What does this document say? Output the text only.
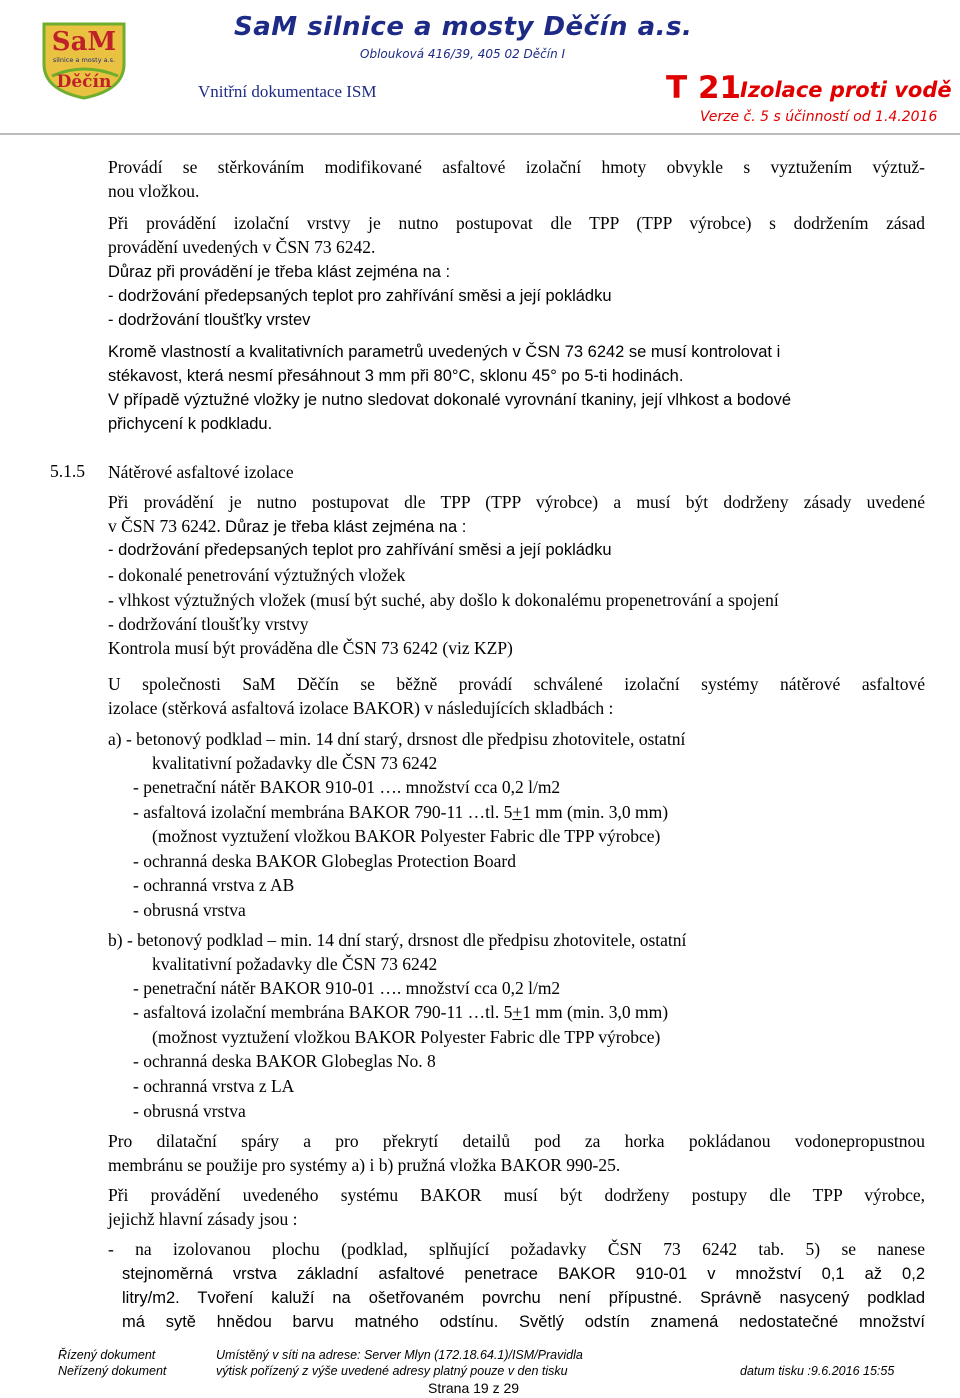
SaM
silnice a mosty a.s.
Děčín
SaM silnice a mosty Děčín a.s.
Oblouková 416/39, 405 02 Děčín I
Vnitřní dokumentace ISM	T 21
Izolace proti vodě
Verze č. 5 s účinností od 1.4.2016
Provádí se stěrkováním modifikované asfaltové izolační hmoty obvykle s vyztužením výztuž-
nou vložkou.
Při provádění izolační vrstvy je nutno postupovat dle TPP (TPP výrobce) s dodržením zásad
provádění uvedených v ČSN 73 6242.
Důraz při provádění je třeba klást zejména na :
- dodržování předepsaných teplot pro zahřívání směsi a její pokládku
- dodržování tloušťky vrstev
Kromě vlastností a kvalitativních parametrů uvedených v ČSN 73 6242 se musí kontrolovat i
stékavost, která nesmí přesáhnout 3 mm při 80°C, sklonu 45° po 5-ti hodinách.
V případě výztužné vložky je nutno sledovat dokonalé vyrovnání tkaniny, její vlhkost a bodové
přichycení k podkladu.
5.1.5 Nátěrové asfaltové izolace
Při provádění je nutno postupovat dle TPP (TPP výrobce) a musí být dodrženy zásady uvedené
v ČSN 73 6242. Důraz je třeba klást zejména na :
- dodržování předepsaných teplot pro zahřívání směsi a její pokládku
- dokonalé penetrování výztužných vložek
- vlhkost výztužných vložek (musí být suché, aby došlo k dokonalému propenetrování a spojení
- dodržování tloušťky vrstvy
Kontrola musí být prováděna dle ČSN 73 6242 (viz KZP)
U společnosti SaM Děčín se běžně provádí schválené izolační systémy nátěrové asfaltové
izolace (stěrková asfaltová izolace BAKOR) v následujících skladbách :
a) - betonový podklad – min. 14 dní starý, drsnost dle předpisu zhotovitele, ostatní
kvalitativní požadavky dle ČSN 73 6242
- penetrační nátěr BAKOR 910-01 …. množství cca 0,2 l/m2
- asfaltová izolační membrána BAKOR 790-11 …tl. 5+1 mm (min. 3,0 mm)
(možnost vyztužení vložkou BAKOR Polyester Fabric dle TPP výrobce)
- ochranná deska BAKOR Globeglas Protection Board
- ochranná vrstva z AB
- obrusná vrstva
b) - betonový podklad – min. 14 dní starý, drsnost dle předpisu zhotovitele, ostatní
kvalitativní požadavky dle ČSN 73 6242
- penetrační nátěr BAKOR 910-01 …. množství cca 0,2 l/m2
- asfaltová izolační membrána BAKOR 790-11 …tl. 5+1 mm (min. 3,0 mm)
(možnost vyztužení vložkou BAKOR Polyester Fabric dle TPP výrobce)
- ochranná deska BAKOR Globeglas No. 8
- ochranná vrstva z LA
- obrusná vrstva
Pro dilatační spáry a pro překrytí detailů pod za horka pokládanou vodonepropustnou
membránu se použije pro systémy a) i b) pružná vložka BAKOR 990-25.
Při provádění uvedeného systému BAKOR musí být dodrženy postupy dle TPP výrobce,
jejichž hlavní zásady jsou :
- na izolovanou plochu (podklad, splňující požadavky ČSN 73 6242 tab. 5) se nanese
stejnoměrná vrstva základní asfaltové penetrace BAKOR 910-01 v množství 0,1 až 0,2
litry/m2. Tvoření kaluží na ošetřovaném povrchu není přípustné. Správně nasycený podklad
má sytě hnědou barvu matného odstínu. Světlý odstín znamená nedostatečné množství
Řízený dokument
Neřízený dokument
Umístěný v síti na adrese: Server Mlyn (172.18.64.1)/ISM/Pravidla
výtisk pořízený z výše uvedené adresy platný pouze v den tisku	datum tisku :9.6.2016 15:55
Strana 19 z 29
